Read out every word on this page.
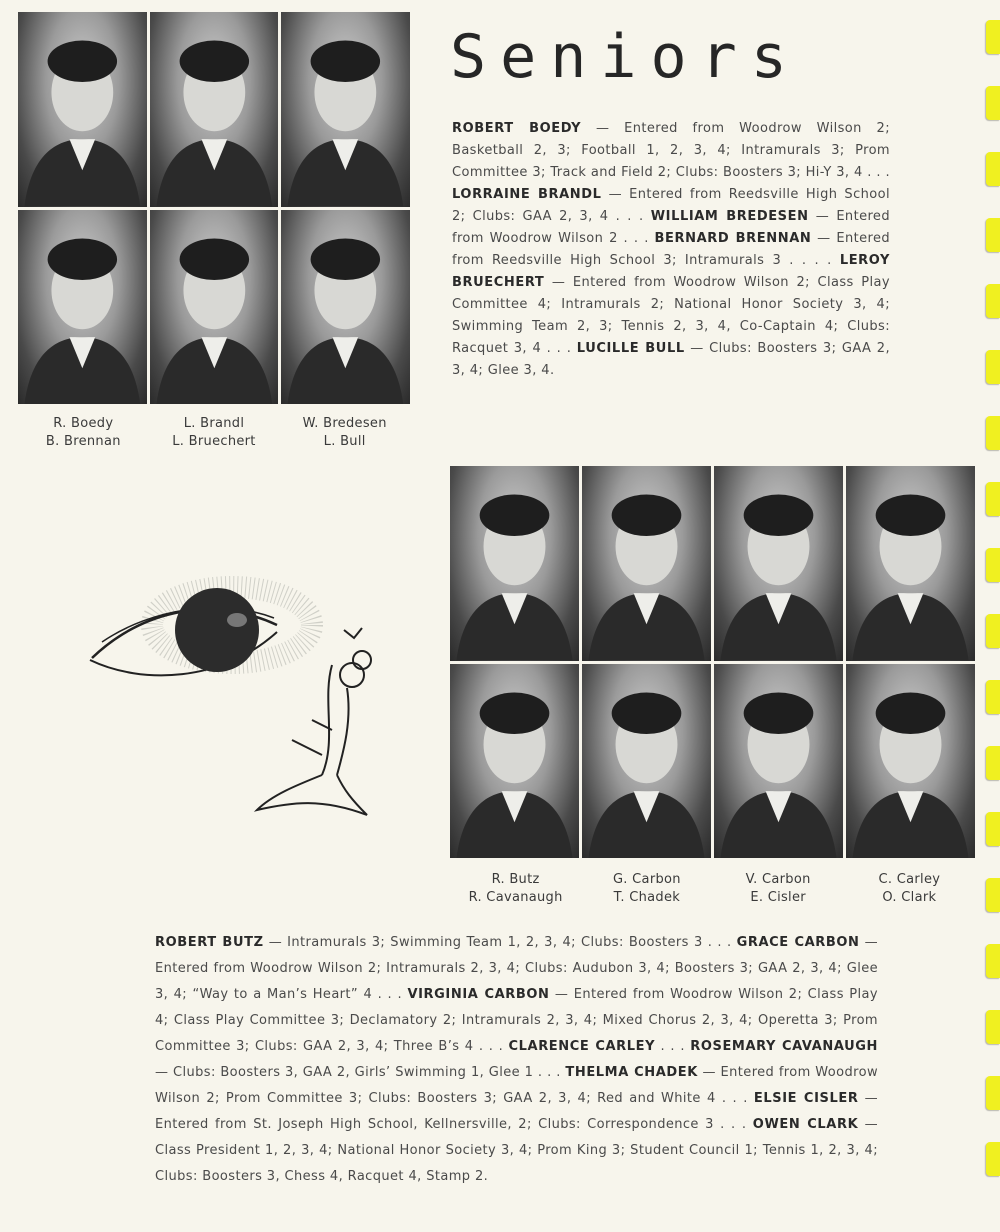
Seniors
R. Boedy
B. Brennan
L. Brandl
L. Bruechert
W. Bredesen
L. Bull

ROBERT BOEDY — Entered from Woodrow Wilson 2; Basketball 2, 3; Football 1, 2, 3, 4; Intramurals 3; Prom Committee 3; Track and Field 2; Clubs: Boosters 3; Hi-Y 3, 4 . . . LORRAINE BRANDL — Entered from Reedsville High School 2; Clubs: GAA 2, 3, 4 . . . WILLIAM BREDESEN — Entered from Woodrow Wilson 2 . . . BERNARD BRENNAN — Entered from Reedsville High School 3; Intramurals 3 . . . . LEROY BRUECHERT — Entered from Woodrow Wilson 2; Class Play Committee 4; Intramurals 2; National Honor Society 3, 4; Swimming Team 2, 3; Tennis 2, 3, 4, Co-Captain 4; Clubs: Racquet 3, 4 . . . LUCILLE BULL — Clubs: Boosters 3; GAA 2, 3, 4; Glee 3, 4.

R. Butz
R. Cavanaugh
G. Carbon
T. Chadek
V. Carbon
E. Cisler
C. Carley
O. Clark

ROBERT BUTZ — Intramurals 3; Swimming Team 1, 2, 3, 4; Clubs: Boosters 3 . . . GRACE CARBON — Entered from Woodrow Wilson 2; Intramurals 2, 3, 4; Clubs: Audubon 3, 4; Boosters 3; GAA 2, 3, 4; Glee 3, 4; “Way to a Man’s Heart” 4 . . . VIRGINIA CARBON — Entered from Woodrow Wilson 2; Class Play 4; Class Play Committee 3; Declamatory 2; Intramurals 2, 3, 4; Mixed Chorus 2, 3, 4; Operetta 3; Prom Committee 3; Clubs: GAA 2, 3, 4; Three B’s 4 . . . CLARENCE CARLEY . . . ROSEMARY CAVANAUGH — Clubs: Boosters 3, GAA 2, Girls’ Swimming 1, Glee 1 . . . THELMA CHADEK — Entered from Woodrow Wilson 2; Prom Committee 3; Clubs: Boosters 3; GAA 2, 3, 4; Red and White 4 . . . ELSIE CISLER — Entered from St. Joseph High School, Kellnersville, 2; Clubs: Correspondence 3 . . . OWEN CLARK — Class President 1, 2, 3, 4; National Honor Society 3, 4; Prom King 3; Student Council 1; Tennis 1, 2, 3, 4; Clubs: Boosters 3, Chess 4, Racquet 4, Stamp 2.
